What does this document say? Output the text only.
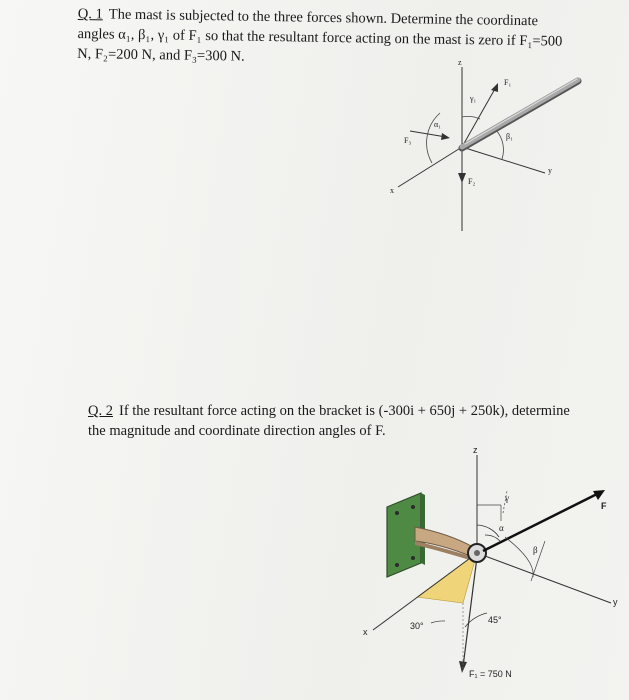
Q. 1 The mast is subjected to the three forces shown. Determine the coordinate
angles α₁, β₁, γ₁ of F₁ so that the resultant force acting on the mast is zero if F₁=500
N, F₂=200 N, and F₃=300 N.	z
x
y
F₁
F₂
F₃
α₁
β₁
γ₁
Q. 2 If the resultant force acting on the bracket is (-300i + 650j + 250k), determine
the magnitude and coordinate direction angles of F.
z
x
y
F
α
β
γ
30°
45°
F₁ = 750 N
